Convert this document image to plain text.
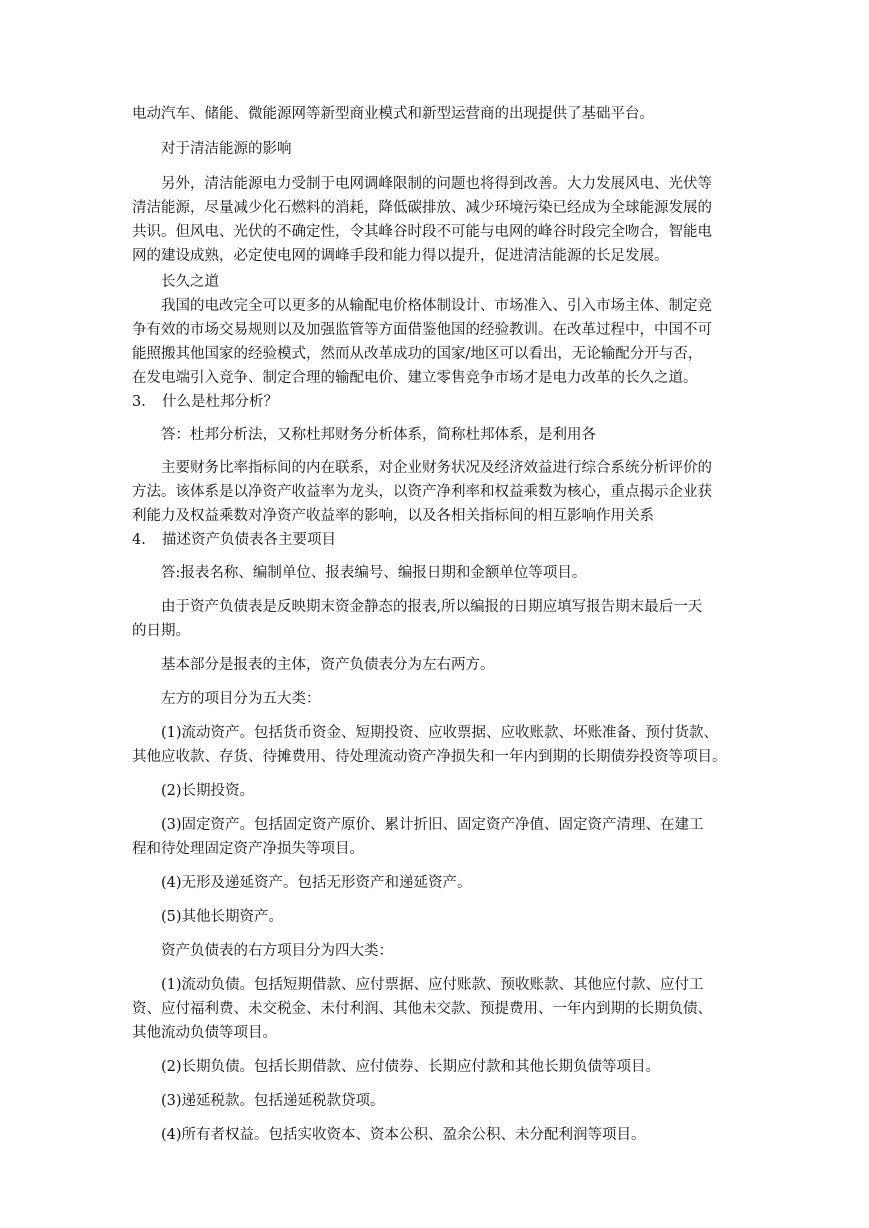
电动汽车、储能、微能源网等新型商业模式和新型运营商的出现提供了基础平台。
对于清洁能源的影响
另外，清洁能源电力受制于电网调峰限制的问题也将得到改善。大力发展风电、光伏等
清洁能源，尽量减少化石燃料的消耗，降低碳排放、减少环境污染已经成为全球能源发展的
共识。但风电、光伏的不确定性，令其峰谷时段不可能与电网的峰谷时段完全吻合，智能电
网的建设成熟，必定使电网的调峰手段和能力得以提升，促进清洁能源的长足发展。
长久之道
我国的电改完全可以更多的从输配电价格体制设计、市场准入、引入市场主体、制定竞
争有效的市场交易规则以及加强监管等方面借鉴他国的经验教训。在改革过程中，中国不可
能照搬其他国家的经验模式，然而从改革成功的国家/地区可以看出，无论输配分开与否，
在发电端引入竞争、制定合理的输配电价、建立零售竞争市场才是电力改革的长久之道。
3. 什么是杜邦分析？
答：杜邦分析法，又称杜邦财务分析体系，简称杜邦体系，是利用各
主要财务比率指标间的内在联系，对企业财务状况及经济效益进行综合系统分析评价的
方法。该体系是以净资产收益率为龙头，以资产净利率和权益乘数为核心，重点揭示企业获
利能力及权益乘数对净资产收益率的影响，以及各相关指标间的相互影响作用关系
4. 描述资产负债表各主要项目
答:报表名称、编制单位、报表编号、编报日期和金额单位等项目。
由于资产负债表是反映期末资金静态的报表,所以编报的日期应填写报告期末最后一天
的日期。
基本部分是报表的主体，资产负债表分为左右两方。
左方的项目分为五大类：
(1)流动资产。包括货币资金、短期投资、应收票据、应收账款、坏账准备、预付货款、
其他应收款、存货、待摊费用、待处理流动资产净损失和一年内到期的长期债券投资等项目。
(2)长期投资。
(3)固定资产。包括固定资产原价、累计折旧、固定资产净值、固定资产清理、在建工
程和待处理固定资产净损失等项目。
(4)无形及递延资产。包括无形资产和递延资产。
(5)其他长期资产。
资产负债表的右方项目分为四大类：
(1)流动负债。包括短期借款、应付票据、应付账款、预收账款、其他应付款、应付工
资、应付福利费、未交税金、未付利润、其他未交款、预提费用、一年内到期的长期负债、
其他流动负债等项目。
(2)长期负债。包括长期借款、应付债券、长期应付款和其他长期负债等项目。
(3)递延税款。包括递延税款贷项。
(4)所有者权益。包括实收资本、资本公积、盈余公积、未分配利润等项目。
